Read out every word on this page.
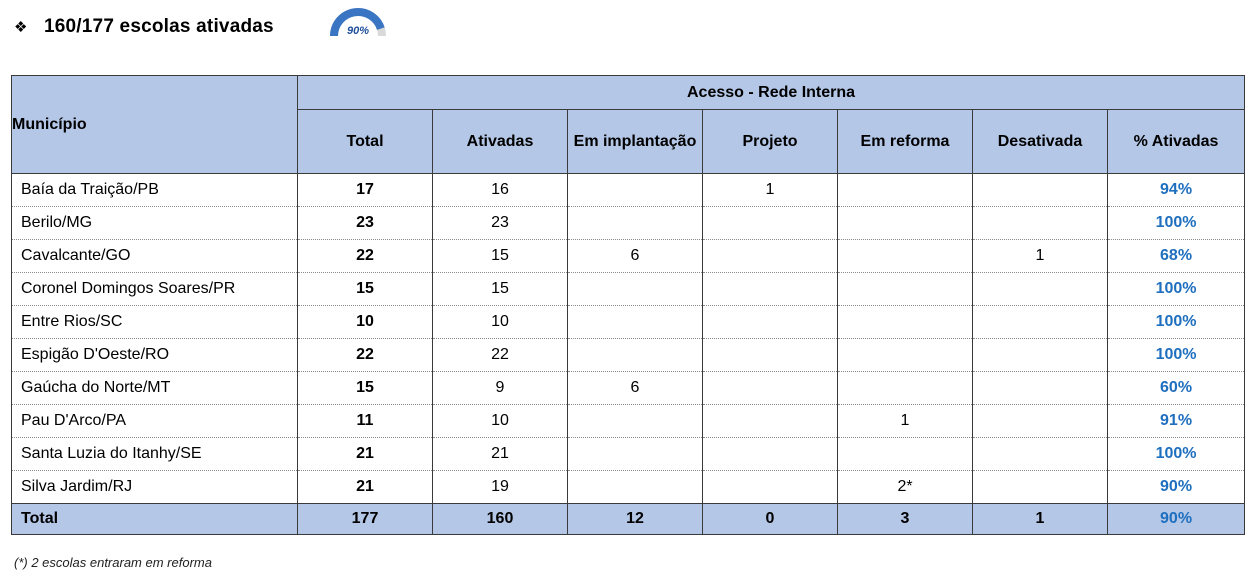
❖ 160/177 escolas ativadas	90%
Município	Acesso - Rede Interna						
	Total	Ativadas	Em implantação	Projeto	Em reforma	Desativada	% Ativadas
Baía da Traição/PB	17	16		1			94%
Berilo/MG	23	23					100%
Cavalcante/GO	22	15	6			1	68%
Coronel Domingos Soares/PR	15	15					100%
Entre Rios/SC	10	10					100%
Espigão D'Oeste/RO	22	22					100%
Gaúcha do Norte/MT	15	9	6				60%
Pau D'Arco/PA	11	10			1		91%
Santa Luzia do Itanhy/SE	21	21					100%
Silva Jardim/RJ	21	19			2*		90%
Total	177	160	12	0	3	1	90%
(*) 2 escolas entraram em reforma
